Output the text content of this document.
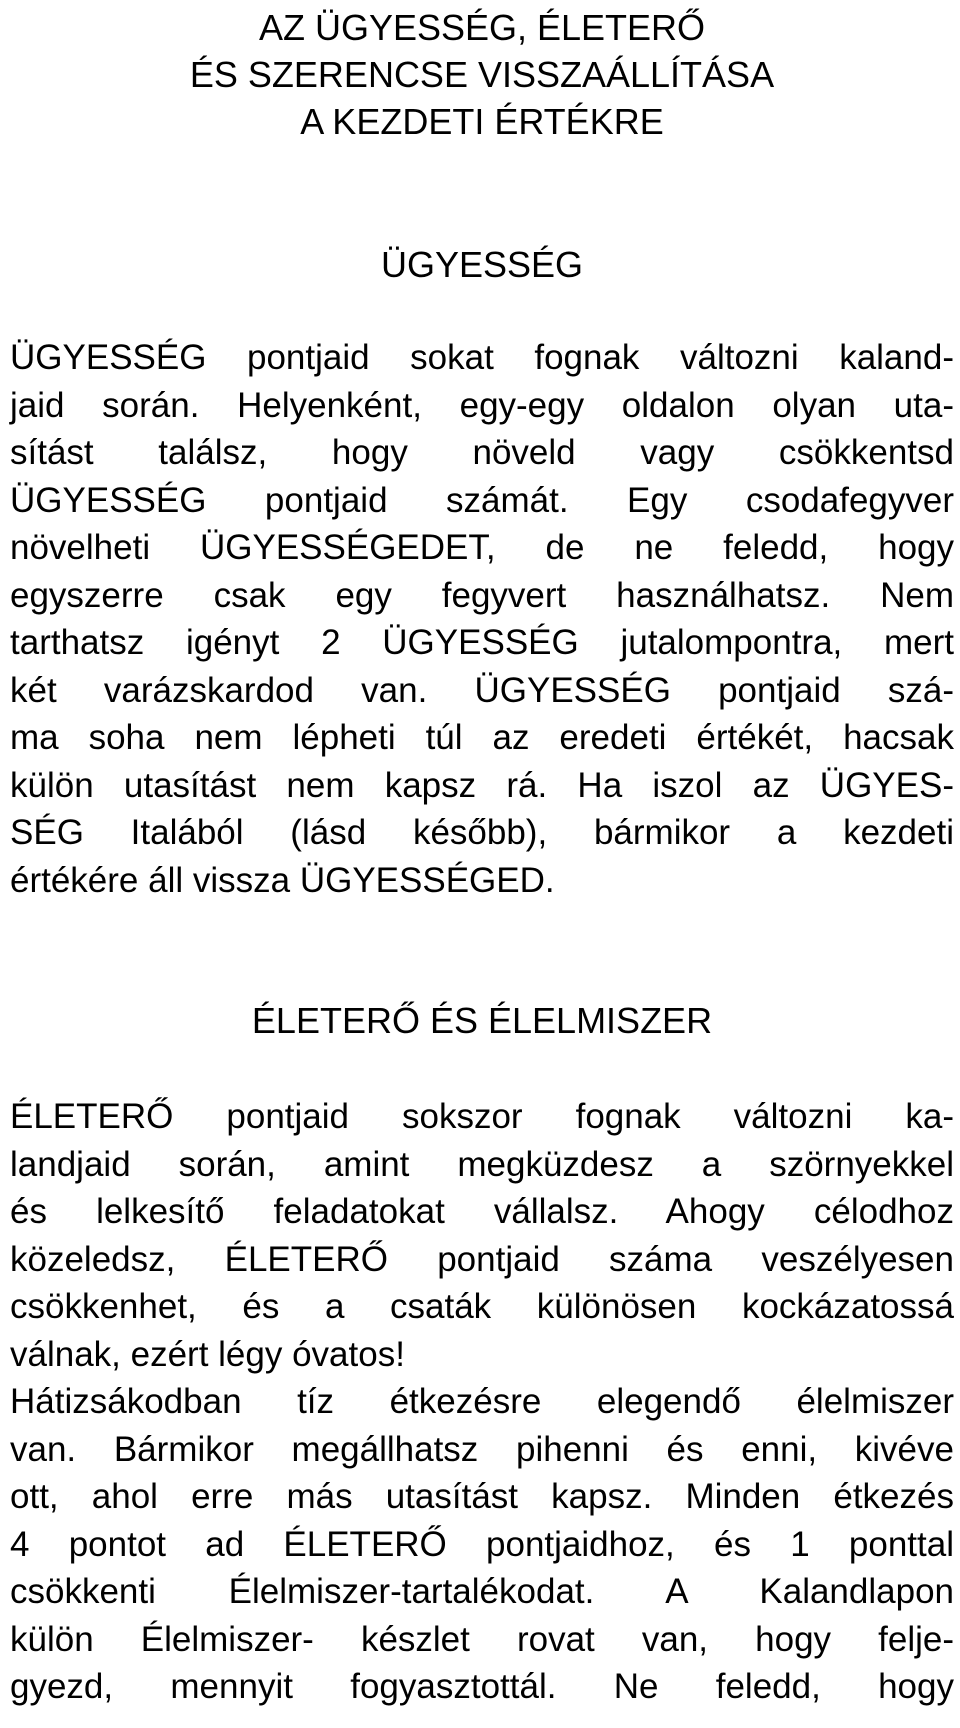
AZ ÜGYESSÉG, ÉLETERŐ
ÉS SZERENCSE VISSZAÁLLÍTÁSA
A KEZDETI ÉRTÉKRE
ÜGYESSÉG

ÜGYESSÉG pontjaid sokat fognak változni kaland-
jaid során. Helyenként, egy-egy oldalon olyan uta-
sítást találsz, hogy növeld vagy csökkentsd
ÜGYESSÉG pontjaid számát. Egy csodafegyver
növelheti ÜGYESSÉGEDET, de ne feledd, hogy
egyszerre csak egy fegyvert használhatsz. Nem
tarthatsz igényt 2 ÜGYESSÉG jutalompontra, mert
két varázskardod van. ÜGYESSÉG pontjaid szá-
ma soha nem lépheti túl az eredeti értékét, hacsak
külön utasítást nem kapsz rá. Ha iszol az ÜGYES-
SÉG Italából (lásd később), bármikor a kezdeti
értékére áll vissza ÜGYESSÉGED.

ÉLETERŐ ÉS ÉLELMISZER

ÉLETERŐ pontjaid sokszor fognak változni ka-
landjaid során, amint megküzdesz a szörnyekkel
és lelkesítő feladatokat vállalsz. Ahogy célodhoz
közeledsz, ÉLETERŐ pontjaid száma veszélyesen
csökkenhet, és a csaták különösen kockázatossá
válnak, ezért légy óvatos!

Hátizsákodban tíz étkezésre elegendő élelmiszer
van. Bármikor megállhatsz pihenni és enni, kivéve
ott, ahol erre más utasítást kapsz. Minden étkezés
4 pontot ad ÉLETERŐ pontjaidhoz, és 1 ponttal
csökkenti Élelmiszer-tartalékodat. A Kalandlapon
külön Élelmiszer- készlet rovat van, hogy felje-
gyezd, mennyit fogyasztottál. Ne feledd, hogy
